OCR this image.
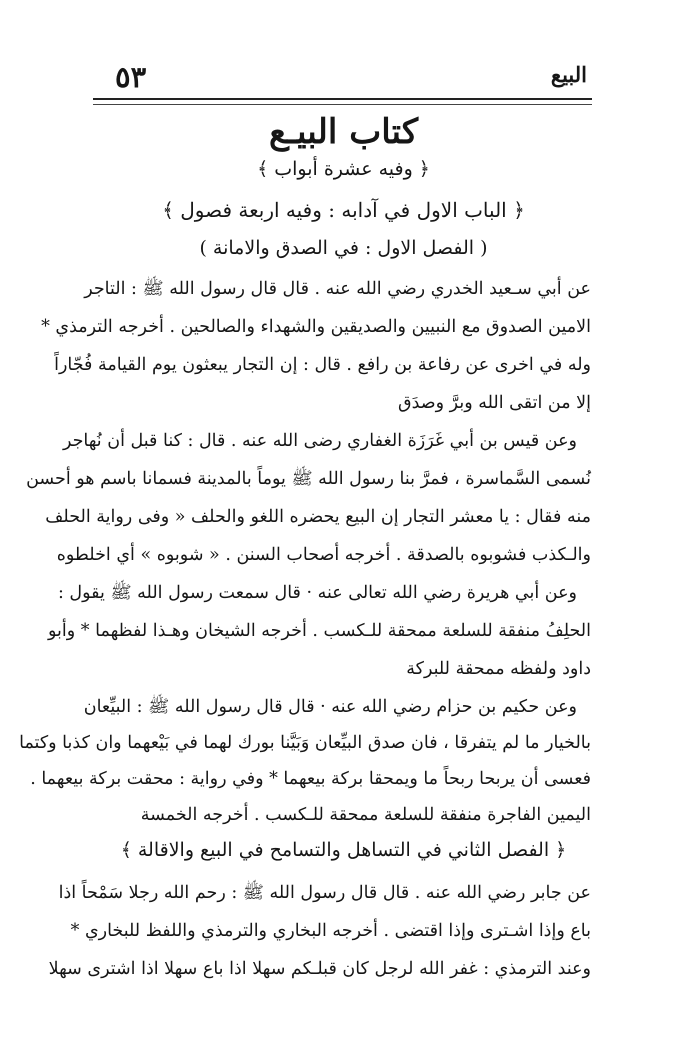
البيع
٥٣
كتاب البيـع
﴿ وفيه عشرة أبواب ﴾
﴿ الباب الاول في آدابه : وفيه اربعة فصول ﴾
( الفصل الاول : في الصدق والامانة )
عن أبي سـعيد الخدري رضي الله عنه . قال قال رسول الله ﷺ : التاجر
الامين الصدوق مع النبيين والصديقين والشهداء والصالحين . أخرجه الترمذي *
وله في اخرى عن رفاعة بن رافع . قال : إن التجار يبعثون يوم القيامة فُجّاراً
إلا من اتقى الله وبرَّ وصدَق
وعن قيس بن أبي غَرَزَة الغفاري رضى الله عنه . قال : كنا قبل أن نُهاجر
نُسمى السَّماسرة ، فمرَّ بنا رسول الله ﷺ يوماً بالمدينة فسمانا باسم هو أحسن
منه فقال : يا معشر التجار إن البيع يحضره اللغو والحلف « وفى رواية الحلف
والـكذب فشوبوه بالصدقة . أخرجه أصحاب السنن . « شوبوه » أي اخلطوه
وعن أبي هريرة رضي الله تعالى عنه · قال سمعت رسول الله ﷺ يقول :
الحلِفُ منفقة للسلعة ممحقة للـكسب . أخرجه الشيخان وهـذا لفظهما * وأبو
داود ولفظه ممحقة للبركة
وعن حكيم بن حزام رضي الله عنه · قال قال رسول الله ﷺ : البيِّعان
بالخيار ما لم يتفرقا ، فان صدق البيِّعان وَبَيَّنا بورك لهما في بَيْعهما وان كذبا وكتما
فعسى أن يربحا ربحاً ما ويمحقا بركة بيعهما * وفي رواية : محقت بركة بيعهما .
اليمين الفاجرة منفقة للسلعة ممحقة للـكسب . أخرجه الخمسة
﴿ الفصل الثاني في التساهل والتسامح في البيع والاقالة ﴾
عن جابر رضي الله عنه . قال قال رسول الله ﷺ : رحم الله رجلا سَمْحاً اذا
باع وإذا اشـترى وإذا اقتضى . أخرجه البخاري والترمذي واللفظ للبخاري *
وعند الترمذي : غفر الله لرجل كان قبلـكم سهلا اذا باع سهلا اذا اشترى سهلا
